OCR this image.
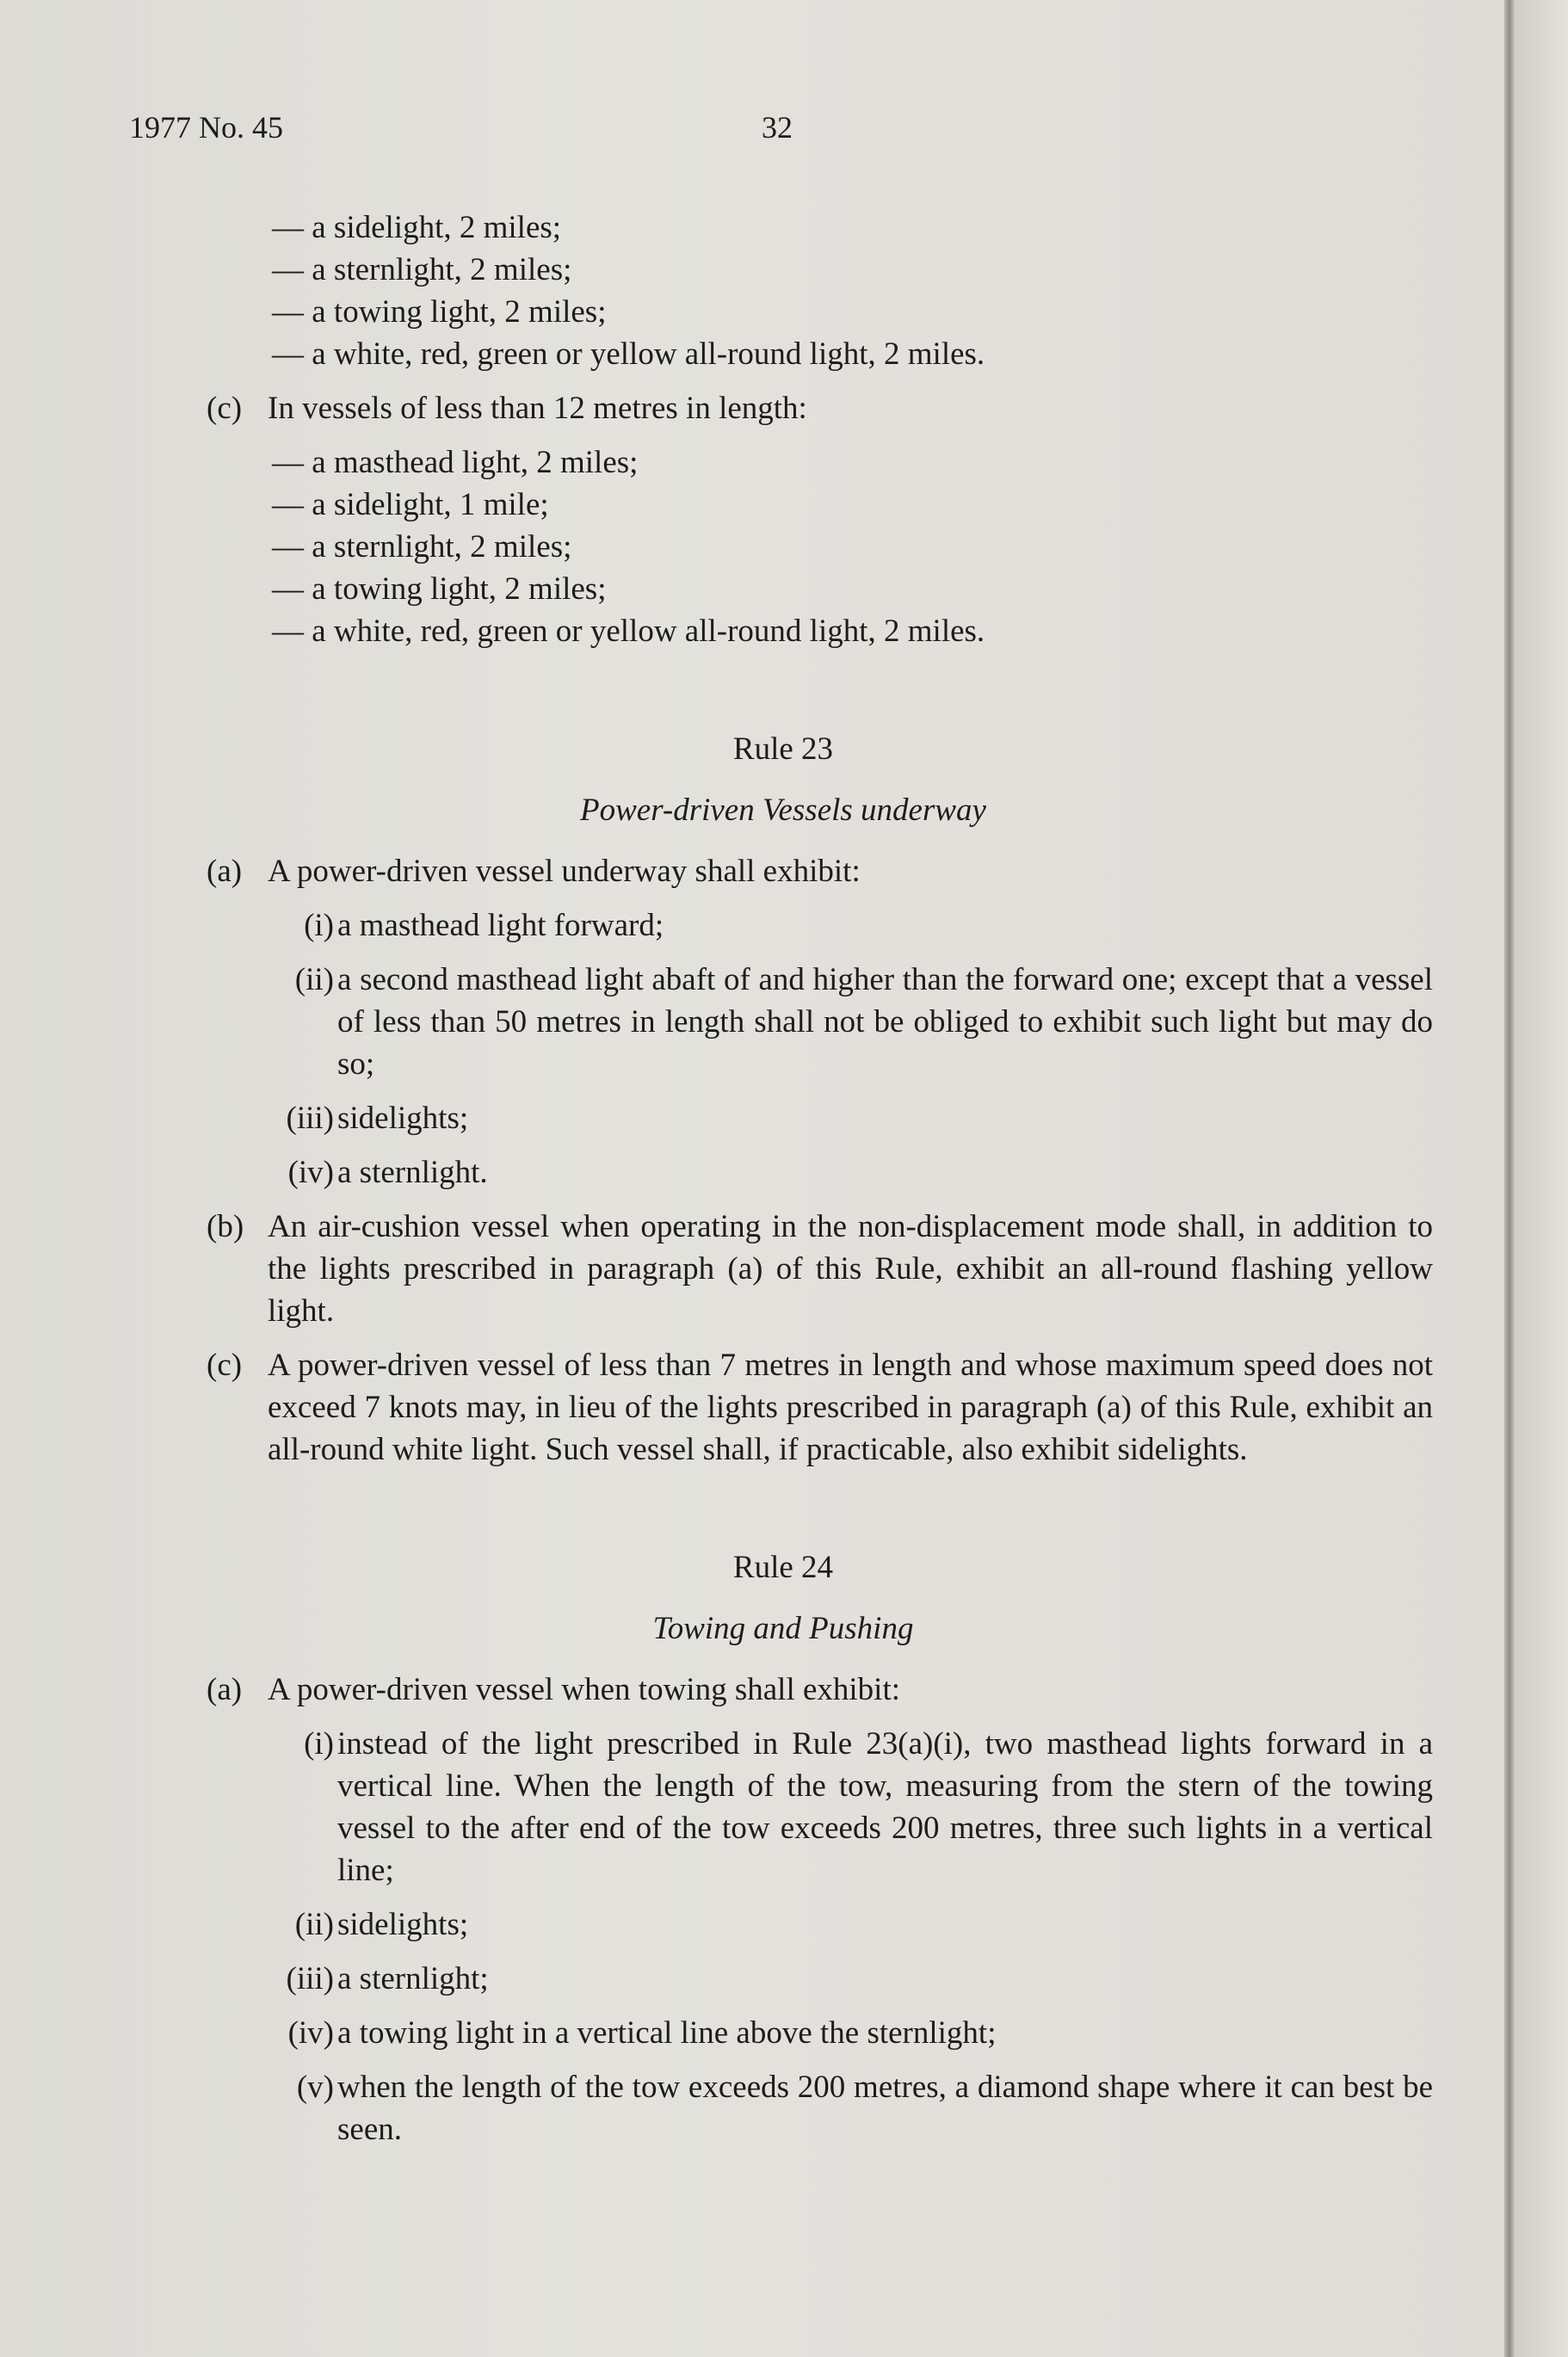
1977 No. 45	32
— a sidelight, 2 miles;
— a sternlight, 2 miles;
— a towing light, 2 miles;
— a white, red, green or yellow all-round light, 2 miles.
(c) In vessels of less than 12 metres in length:
— a masthead light, 2 miles;
— a sidelight, 1 mile;
— a sternlight, 2 miles;
— a towing light, 2 miles;
— a white, red, green or yellow all-round light, 2 miles.
Rule 23
Power-driven Vessels underway
(a) A power-driven vessel underway shall exhibit:
(i) a masthead light forward;
(ii) a second masthead light abaft of and higher than the forward one; except that a vessel of less than 50 metres in length shall not be obliged to exhibit such light but may do so;
(iii) sidelights;
(iv) a sternlight.
(b) An air-cushion vessel when operating in the non-displacement mode shall, in addition to the lights prescribed in paragraph (a) of this Rule, exhibit an all-round flashing yellow light.
(c) A power-driven vessel of less than 7 metres in length and whose maximum speed does not exceed 7 knots may, in lieu of the lights prescribed in paragraph (a) of this Rule, exhibit an all-round white light. Such vessel shall, if practicable, also exhibit sidelights.
Rule 24
Towing and Pushing
(a) A power-driven vessel when towing shall exhibit:
(i) instead of the light prescribed in Rule 23(a)(i), two masthead lights forward in a vertical line. When the length of the tow, measuring from the stern of the towing vessel to the after end of the tow exceeds 200 metres, three such lights in a vertical line;
(ii) sidelights;
(iii) a sternlight;
(iv) a towing light in a vertical line above the sternlight;
(v) when the length of the tow exceeds 200 metres, a diamond shape where it can best be seen.
